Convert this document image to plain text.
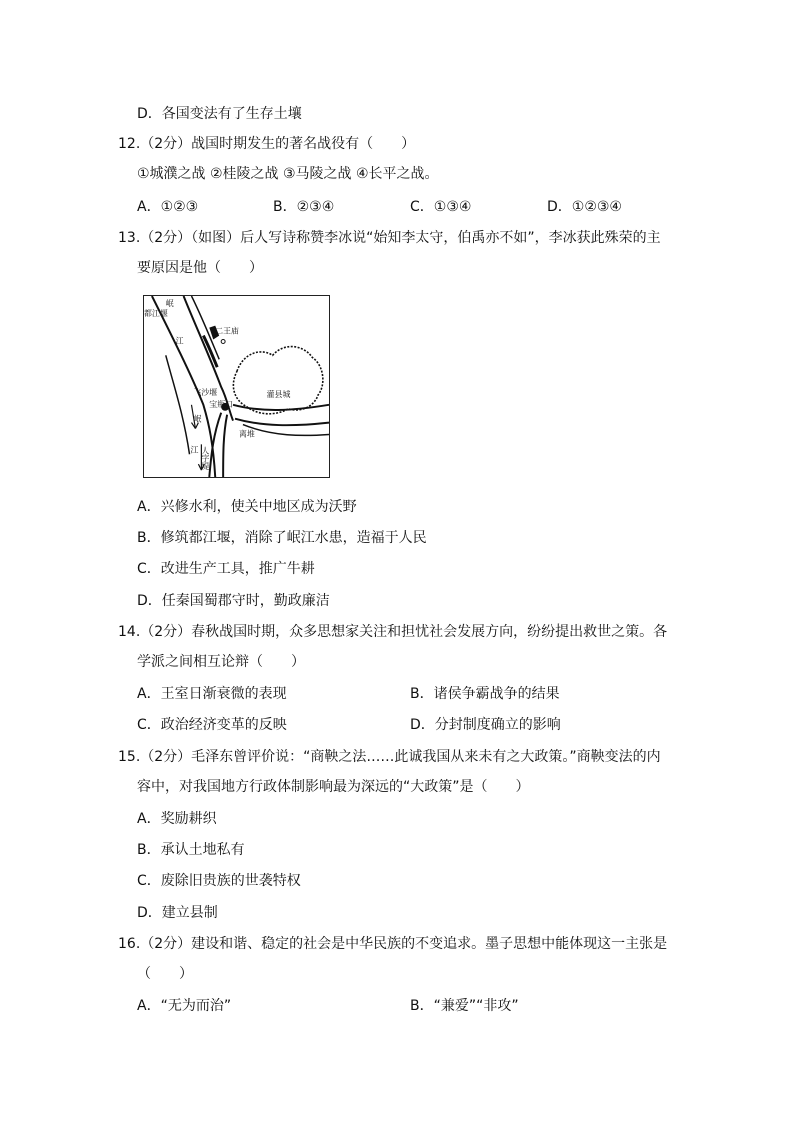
D．各国变法有了生存土壤
12.（2分）战国时期发生的著名战役有（　　）
①城濮之战 ②桂陵之战 ③马陵之战 ④长平之战。
A．①②③	B．②③④	C．①③④	D．①②③④
13.（2分）（如图）后人写诗称赞李冰说“始知李太守，伯禹亦不如”，李冰获此殊荣的主
要原因是他（　　）
岷
都江堰
江
二王庙
飞沙堰
宝瓶口
灌县城
岷
离堆
江 人字堤
A．兴修水利，使关中地区成为沃野
B．修筑都江堰，消除了岷江水患，造福于人民
C．改进生产工具，推广牛耕
D．任秦国蜀郡守时，勤政廉洁
14.（2分）春秋战国时期，众多思想家关注和担忧社会发展方向，纷纷提出救世之策。各
学派之间相互论辩（　　）
A．王室日渐衰微的表现	B．诸侯争霸战争的结果
C．政治经济变革的反映	D．分封制度确立的影响
15.（2分）毛泽东曾评价说：“商鞅之法……此诚我国从来未有之大政策。”商鞅变法的内
容中，对我国地方行政体制影响最为深远的“大政策”是（　　）
A．奖励耕织
B．承认土地私有
C．废除旧贵族的世袭特权
D．建立县制
16.（2分）建设和谐、稳定的社会是中华民族的不变追求。墨子思想中能体现这一主张是
（　　）
A．“无为而治”	B．“兼爱”“非攻”
